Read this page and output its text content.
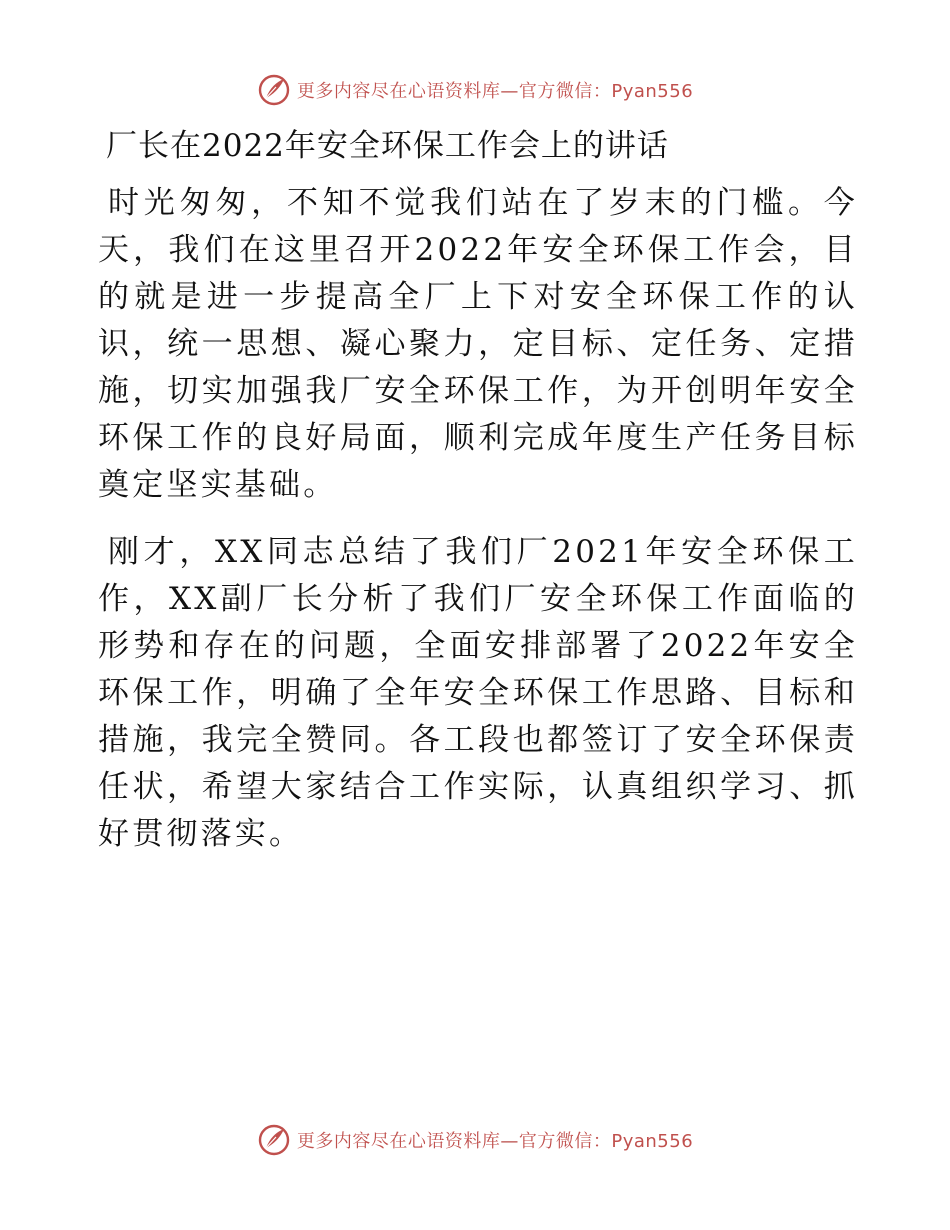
更多内容尽在心语资料库—官方微信：Pyan556
厂长在2022年安全环保工作会上的讲话

时光匆匆，不知不觉我们站在了岁末的门槛。今天，我们在这里召开2022年安全环保工作会，目的就是进一步提高全厂上下对安全环保工作的认识，统一思想、凝心聚力，定目标、定任务、定措施，切实加强我厂安全环保工作，为开创明年安全环保工作的良好局面，顺利完成年度生产任务目标奠定坚实基础。

刚才，XX同志总结了我们厂2021年安全环保工作，XX副厂长分析了我们厂安全环保工作面临的形势和存在的问题，全面安排部署了2022年安全环保工作，明确了全年安全环保工作思路、目标和措施，我完全赞同。各工段也都签订了安全环保责任状，希望大家结合工作实际，认真组织学习、抓好贯彻落实。

更多内容尽在心语资料库—官方微信：Pyan556
